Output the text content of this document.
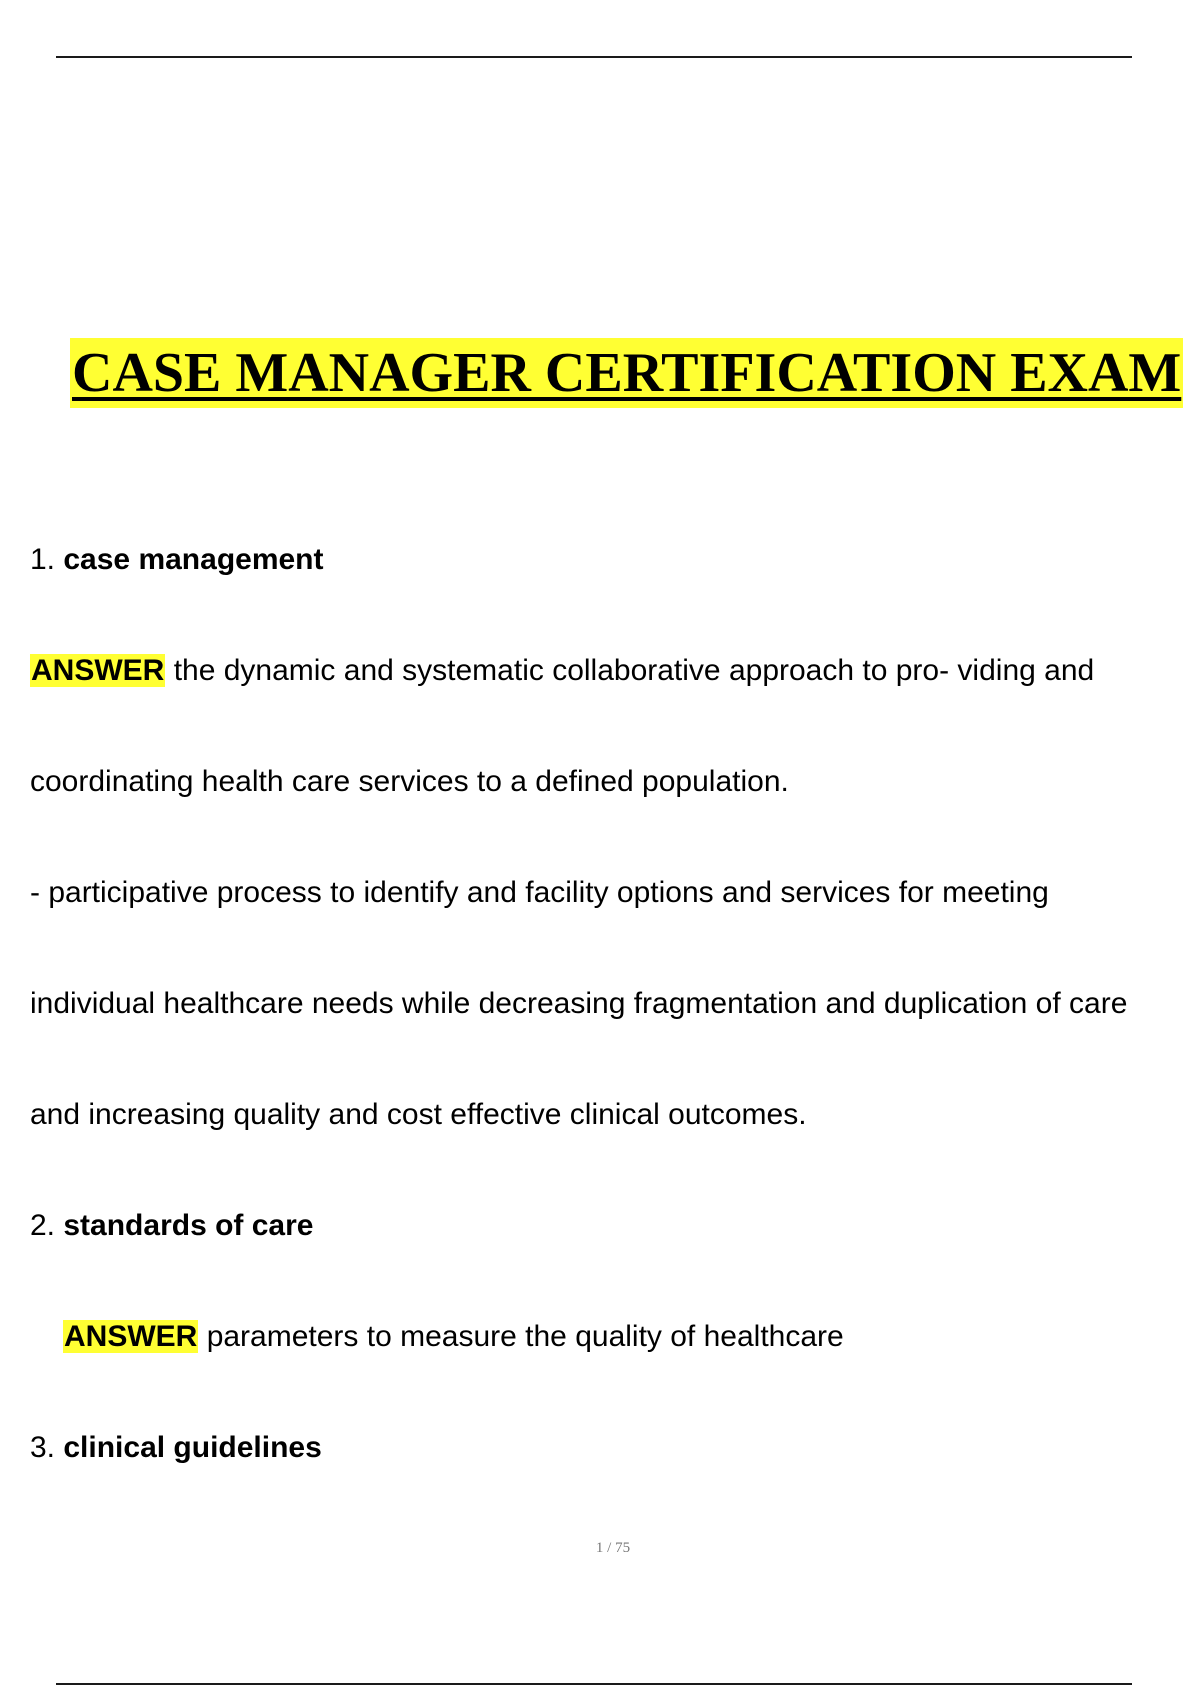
CASE MANAGER CERTIFICATION EXAM

1. case management

ANSWER the dynamic and systematic collaborative approach to pro- viding and

coordinating health care services to a defined population.

- participative process to identify and facility options and services for meeting

individual healthcare needs while decreasing fragmentation and duplication of care

and increasing quality and cost effective clinical outcomes.

2. standards of care

ANSWER parameters to measure the quality of healthcare

3. clinical guidelines

1 / 75
